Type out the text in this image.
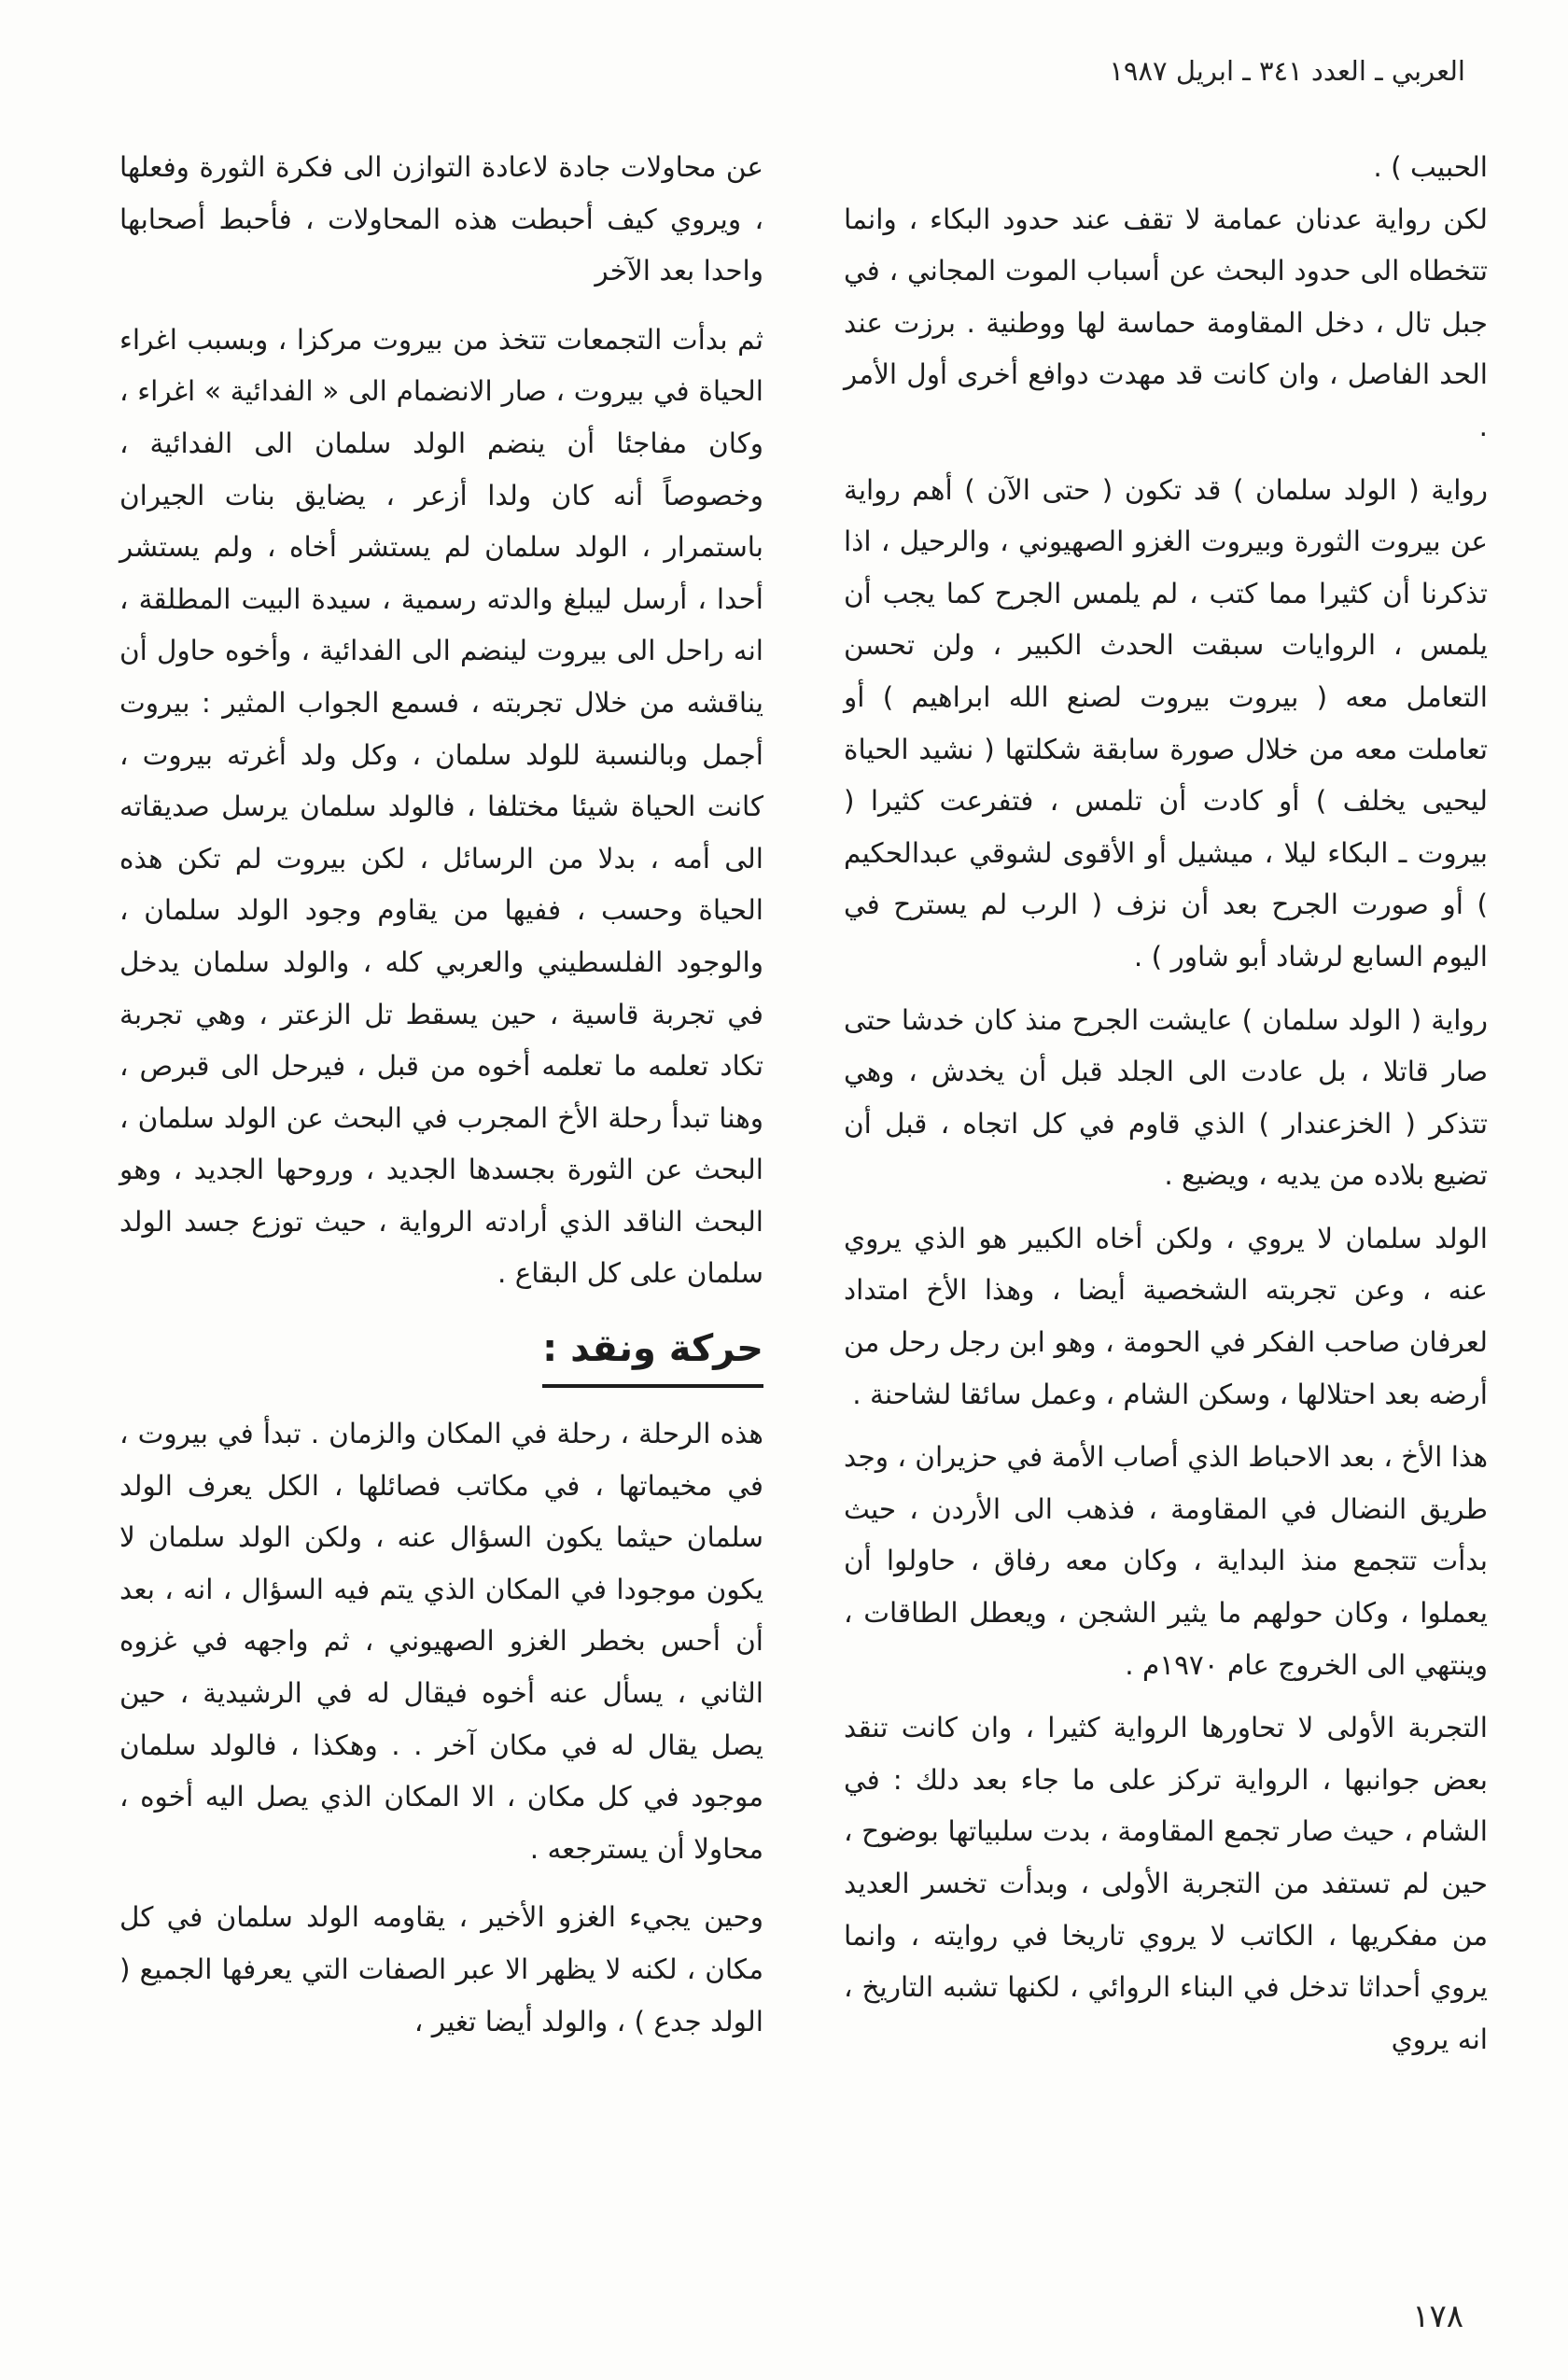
العربي ـ العدد ٣٤١ ـ ابريل ١٩٨٧

الحبيب ) .
لكن رواية عدنان عمامة لا تقف عند حدود البكاء ، وانما تتخطاه الى حدود البحث عن أسباب الموت المجاني ، في جبل تال ، دخل المقاومة حماسة لها ووطنية . برزت عند الحد الفاصل ، وان كانت قد مهدت دوافع أخرى أول الأمر .

رواية ( الولد سلمان ) قد تكون ( حتى الآن ) أهم رواية عن بيروت الثورة وبيروت الغزو الصهيوني ، والرحيل ، اذا تذكرنا أن كثيرا مما كتب ، لم يلمس الجرح كما يجب أن يلمس ، الروايات سبقت الحدث الكبير ، ولن تحسن التعامل معه ( بيروت بيروت لصنع الله ابراهيم ) أو تعاملت معه من خلال صورة سابقة شكلتها ( نشيد الحياة ليحيى يخلف ) أو كادت أن تلمس ، فتفرعت كثيرا ( بيروت ـ البكاء ليلا ، ميشيل أو الأقوى لشوقي عبدالحكيم ) أو صورت الجرح بعد أن نزف ( الرب لم يسترح في اليوم السابع لرشاد أبو شاور ) .

رواية ( الولد سلمان ) عايشت الجرح منذ كان خدشا حتى صار قاتلا ، بل عادت الى الجلد قبل أن يخدش ، وهي تتذكر ( الخزعندار ) الذي قاوم في كل اتجاه ، قبل أن تضيع بلاده من يديه ، ويضيع .

الولد سلمان لا يروي ، ولكن أخاه الكبير هو الذي يروي عنه ، وعن تجربته الشخصية أيضا ، وهذا الأخ امتداد لعرفان صاحب الفكر في الحومة ، وهو ابن رجل رحل من أرضه بعد احتلالها ، وسكن الشام ، وعمل سائقا لشاحنة .

هذا الأخ ، بعد الاحباط الذي أصاب الأمة في حزيران ، وجد طريق النضال في المقاومة ، فذهب الى الأردن ، حيث بدأت تتجمع منذ البداية ، وكان معه رفاق ، حاولوا أن يعملوا ، وكان حولهم ما يثير الشجن ، ويعطل الطاقات ، وينتهي الى الخروج عام ١٩٧٠م .

التجربة الأولى لا تحاورها الرواية كثيرا ، وان كانت تنقد بعض جوانبها ، الرواية تركز على ما جاء بعد دلك : في الشام ، حيث صار تجمع المقاومة ، بدت سلبياتها بوضوح ، حين لم تستفد من التجربة الأولى ، وبدأت تخسر العديد من مفكريها ، الكاتب لا يروي تاريخا في روايته ، وانما يروي أحداثا تدخل في البناء الروائي ، لكنها تشبه التاريخ ، انه يروي

عن محاولات جادة لاعادة التوازن الى فكرة الثورة وفعلها ، ويروي كيف أحبطت هذه المحاولات ، فأحبط أصحابها واحدا بعد الآخر

ثم بدأت التجمعات تتخذ من بيروت مركزا ، وبسبب اغراء الحياة في بيروت ، صار الانضمام الى « الفدائية » اغراء ، وكان مفاجئا أن ينضم الولد سلمان الى الفدائية ، وخصوصاً أنه كان ولدا أزعر ، يضايق بنات الجيران باستمرار ، الولد سلمان لم يستشر أخاه ، ولم يستشر أحدا ، أرسل ليبلغ والدته رسمية ، سيدة البيت المطلقة ، انه راحل الى بيروت لينضم الى الفدائية ، وأخوه حاول أن يناقشه من خلال تجربته ، فسمع الجواب المثير : بيروت أجمل وبالنسبة للولد سلمان ، وكل ولد أغرته بيروت ، كانت الحياة شيئا مختلفا ، فالولد سلمان يرسل صديقاته الى أمه ، بدلا من الرسائل ، لكن بيروت لم تكن هذه الحياة وحسب ، ففيها من يقاوم وجود الولد سلمان ، والوجود الفلسطيني والعربي كله ، والولد سلمان يدخل في تجربة قاسية ، حين يسقط تل الزعتر ، وهي تجربة تكاد تعلمه ما تعلمه أخوه من قبل ، فيرحل الى قبرص ، وهنا تبدأ رحلة الأخ المجرب في البحث عن الولد سلمان ، البحث عن الثورة بجسدها الجديد ، وروحها الجديد ، وهو البحث الناقد الذي أرادته الرواية ، حيث توزع جسد الولد سلمان على كل البقاع .

حركة ونقد :

هذه الرحلة ، رحلة في المكان والزمان . تبدأ في بيروت ، في مخيماتها ، في مكاتب فصائلها ، الكل يعرف الولد سلمان حيثما يكون السؤال عنه ، ولكن الولد سلمان لا يكون موجودا في المكان الذي يتم فيه السؤال ، انه ، بعد أن أحس بخطر الغزو الصهيوني ، ثم واجهه في غزوه الثاني ، يسأل عنه أخوه فيقال له في الرشيدية ، حين يصل يقال له في مكان آخر . . وهكذا ، فالولد سلمان موجود في كل مكان ، الا المكان الذي يصل اليه أخوه ، محاولا أن يسترجعه .

وحين يجيء الغزو الأخير ، يقاومه الولد سلمان في كل مكان ، لكنه لا يظهر الا عبر الصفات التي يعرفها الجميع ( الولد جدع ) ، والولد أيضا تغير ،

١٧٨
